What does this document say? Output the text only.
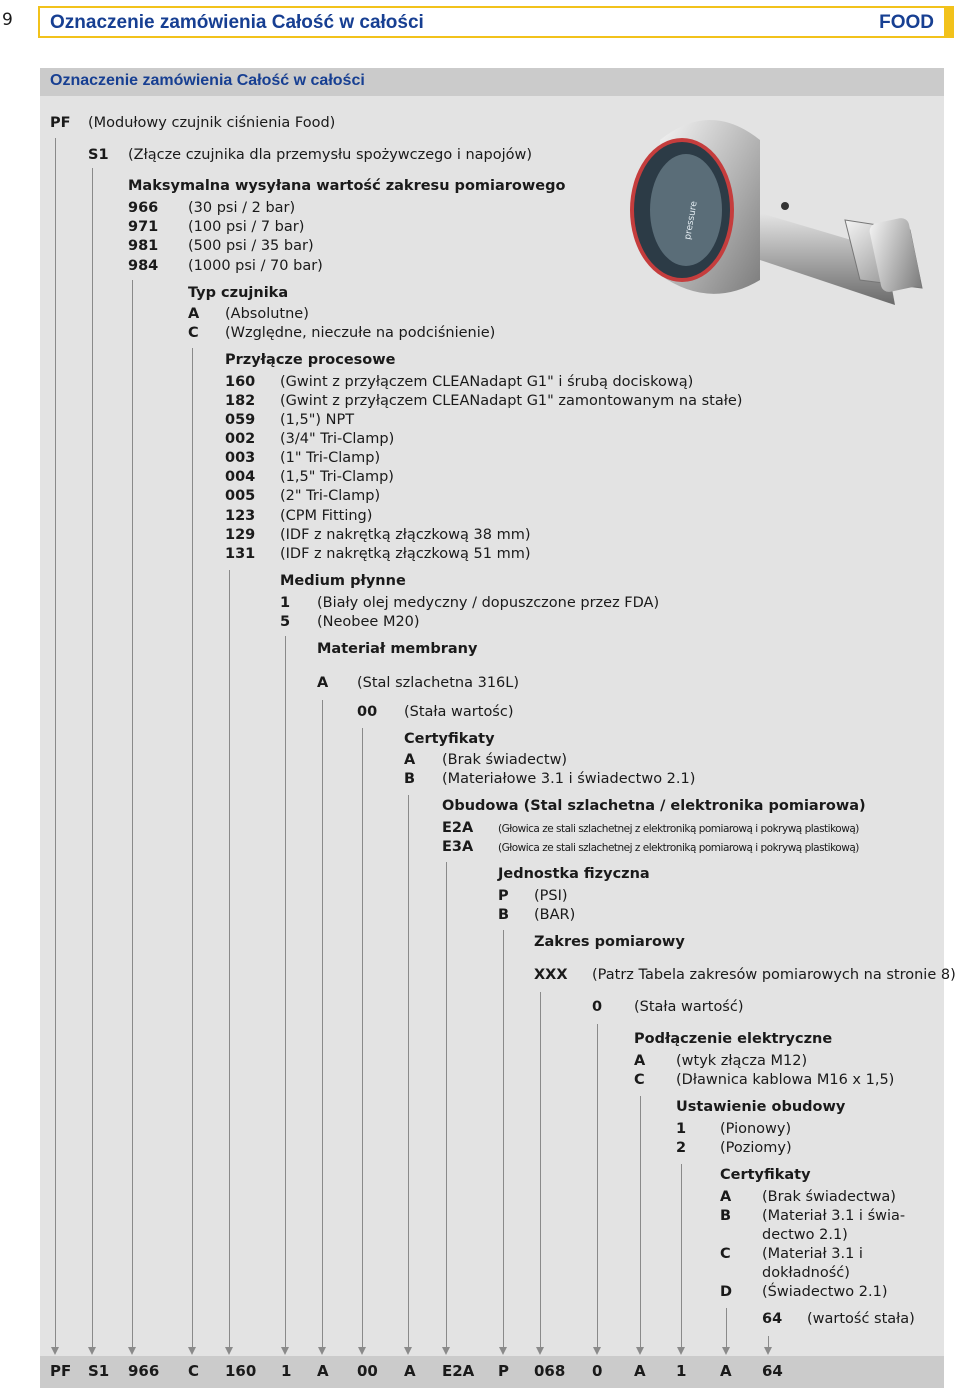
9 Oznaczenie zamówienia Całość w całości	FOOD
Oznaczenie zamówienia Całość w całości
pressure
PF (Modułowy czujnik ciśnienia Food)
S1 (Złącze czujnika dla przemysłu spożywczego i napojów)
Maksymalna wysyłana wartość zakresu pomiarowego
966 (30 psi / 2 bar)
971 (100 psi / 7 bar)
981 (500 psi / 35 bar)
984 (1000 psi / 70 bar)
Typ czujnika
A (Absolutne)
C (Względne, nieczułe na podciśnienie)
Przyłącze procesowe
160 (Gwint z przyłączem CLEANadapt G1" i śrubą dociskową)
182 (Gwint z przyłączem CLEANadapt G1" zamontowanym na stałe)
059 (1,5") NPT
002 (3/4" Tri-Clamp)
003 (1" Tri-Clamp)
004 (1,5" Tri-Clamp)
005 (2" Tri-Clamp)
123 (CPM Fitting)
129 (IDF z nakrętką złączkową 38 mm)
131 (IDF z nakrętką złączkową 51 mm)
Medium płynne
1 (Biały olej medyczny / dopuszczone przez FDA)
5 (Neobee M20)
Materiał membrany
A (Stal szlachetna 316L)
00 (Stała wartośc)
Certyfikaty
A (Brak świadectw)
B (Materiałowe 3.1 i świadectwo 2.1)
Obudowa (Stal szlachetna / elektronika pomiarowa)
E2A (Głowica ze stali szlachetnej z elektroniką pomiarową i pokrywą plastikową)
E3A (Głowica ze stali szlachetnej z elektroniką pomiarową i pokrywą plastikową)
Jednostka fizyczna
P (PSI)
B (BAR)
Zakres pomiarowy
XXX (Patrz Tabela zakresów pomiarowych na stronie 8)
0 (Stała wartość)
Podłączenie elektryczne
A (wtyk złącza M12)
C (Dławnica kablowa M16 x 1,5)
Ustawienie obudowy
1 (Pionowy)
2 (Poziomy)
Certyfikaty
A (Brak świadectwa)
B (Materiał 3.1 i świa-
dectwo 2.1)
C (Materiał 3.1 i
dokładność)
D (Świadectwo 2.1)
64 (wartość stała)
PF S1 966 C 160 1 A 00 A E2A P 068 0 A 1 A 64
